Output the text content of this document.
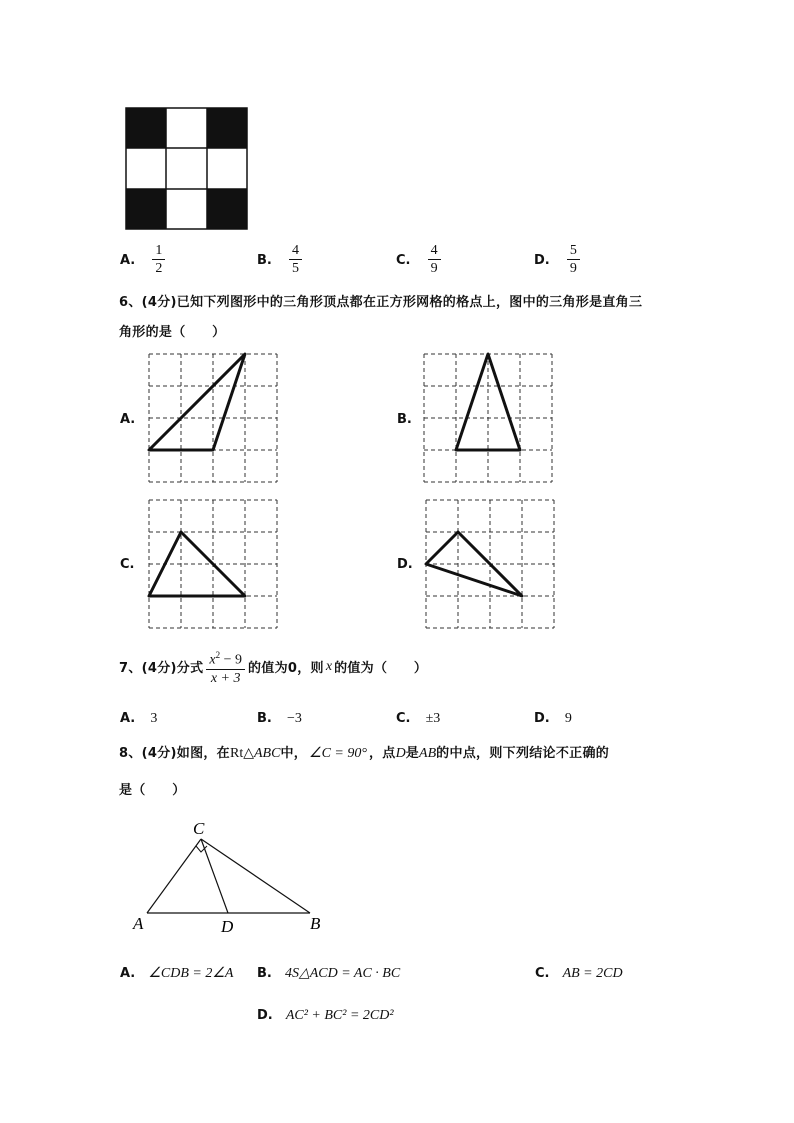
A. $\frac{1}{2}$	B. $\frac{4}{5}$	C. $\frac{4}{9}$	D. $\frac{5}{9}$
6、(4分)已知下列图形中的三角形顶点都在正方形网格的格点上，图中的三角形是直角三
角形的是（　　）
A.	B.
C.	D.
7、(4分)分式 $\frac{x^2 - 9}{x + 3}$ 的值为0，则 x 的值为（　　）
A. 3	B. −3	C. ±3	D. 9
8、(4分)如图，在Rt△ABC中， ∠C = 90° ，点D是AB的中点，则下列结论不正确的
是（　　）
C
A	D	B
A. ∠CDB = 2∠A B. 4S△ACD = AC · BC	C. AB = 2CD
D. AC² + BC² = 2CD²
